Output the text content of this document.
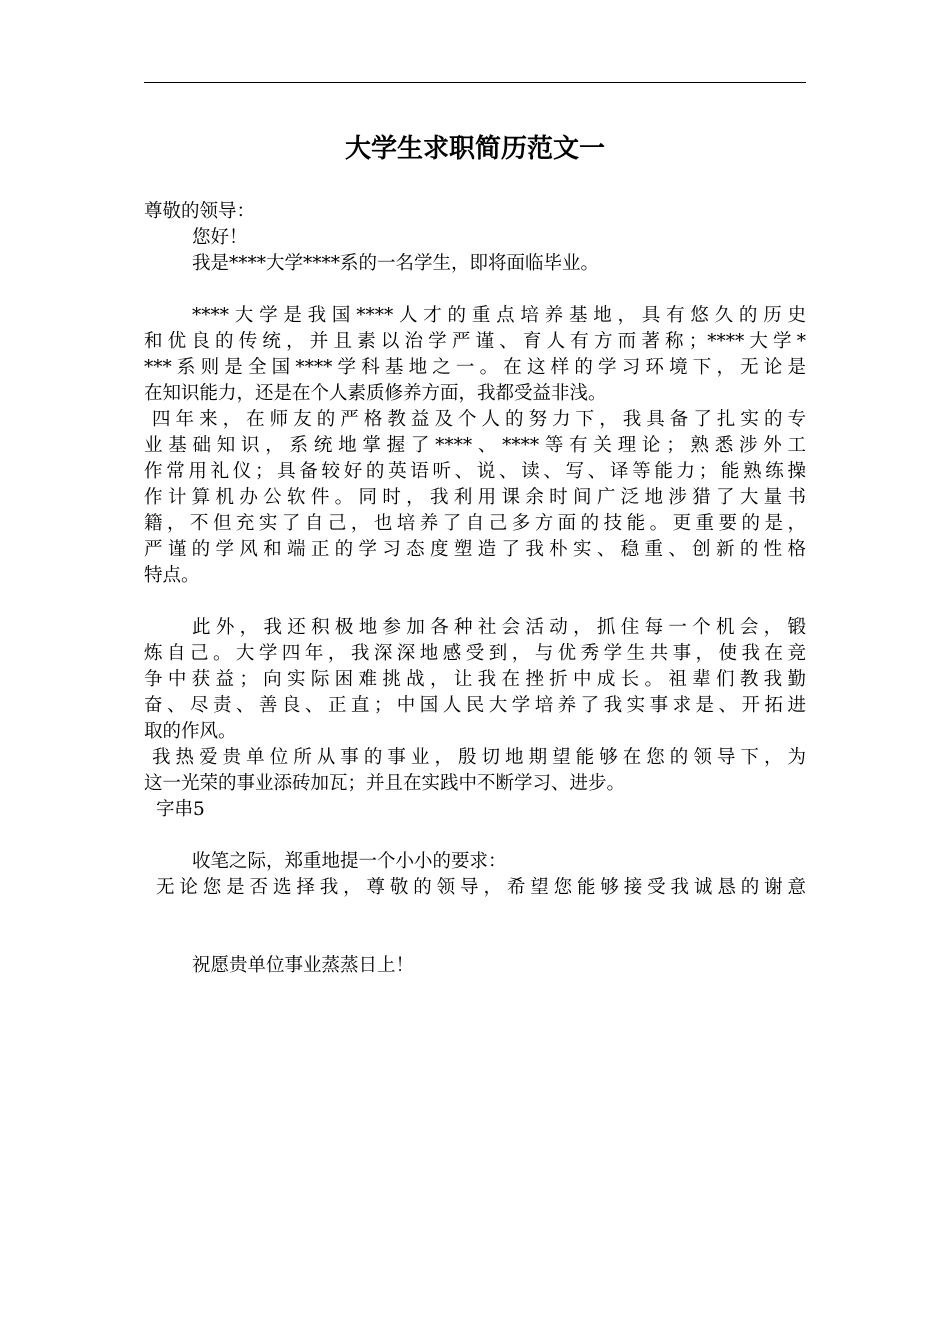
大学生求职简历范文一
尊敬的领导：
您好！
我是****大学****系的一名学生，即将面临毕业。
****大学是我国****人才的重点培养基地，具有悠久的历史
和优良的传统，并且素以治学严谨、育人有方而著称；****大学*
***系则是全国****学科基地之一。在这样的学习环境下，无论是
在知识能力，还是在个人素质修养方面，我都受益非浅。
四年来，在师友的严格教益及个人的努力下，我具备了扎实的专
业基础知识，系统地掌握了****、****等有关理论；熟悉涉外工
作常用礼仪；具备较好的英语听、说、读、写、译等能力；能熟练操
作计算机办公软件。同时，我利用课余时间广泛地涉猎了大量书
籍，不但充实了自己，也培养了自己多方面的技能。更重要的是，
严谨的学风和端正的学习态度塑造了我朴实、稳重、创新的性格
特点。
此外，我还积极地参加各种社会活动，抓住每一个机会，锻
炼自己。大学四年，我深深地感受到，与优秀学生共事，使我在竞
争中获益；向实际困难挑战，让我在挫折中成长。祖辈们教我勤
奋、尽责、善良、正直；中国人民大学培养了我实事求是、开拓进
取的作风。
我热爱贵单位所从事的事业，殷切地期望能够在您的领导下，为
这一光荣的事业添砖加瓦；并且在实践中不断学习、进步。
字串5
收笔之际，郑重地提一个小小的要求：
无论您是否选择我，尊敬的领导，希望您能够接受我诚恳的谢意
祝愿贵单位事业蒸蒸日上！
